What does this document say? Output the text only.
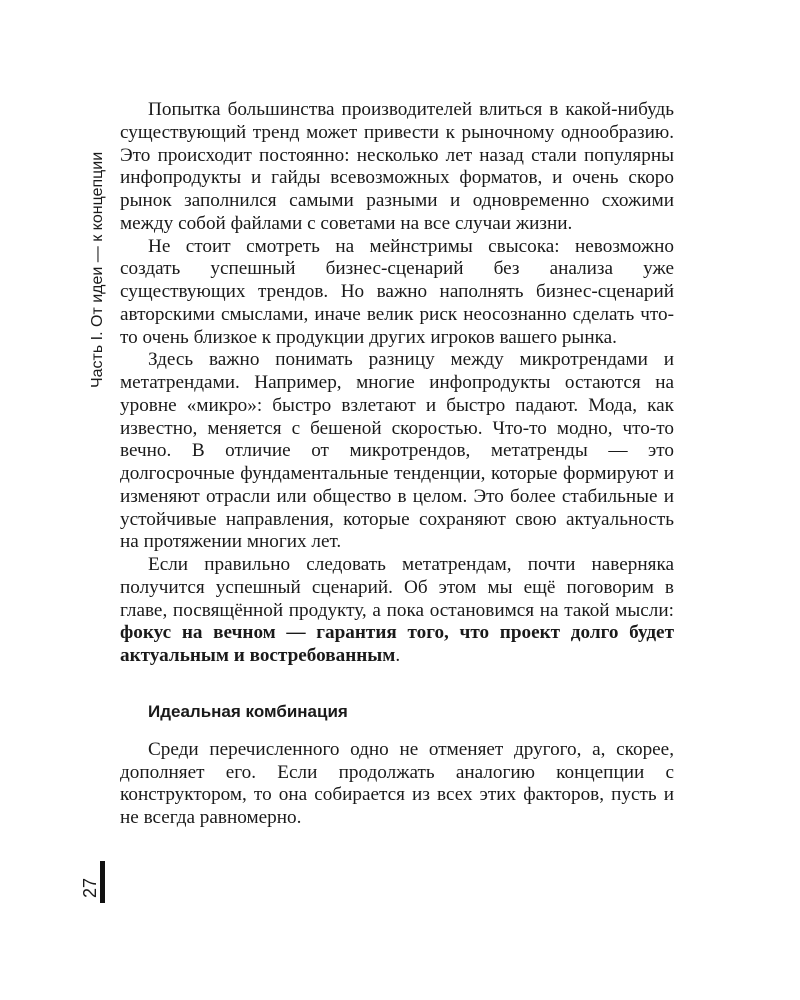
Часть I. От идеи — к концепции
27

Попытка большинства производителей влиться в какой-нибудь существующий тренд может привести к рыночному однообразию. Это происходит постоянно: несколько лет назад стали популярны инфопродукты и гайды всевозможных форматов, и очень скоро рынок заполнился самыми разными и одновременно схожими между собой файлами с советами на все случаи жизни.

Не стоит смотреть на мейнстримы свысока: невозможно создать успешный бизнес-сценарий без анализа уже существующих трендов. Но важно наполнять бизнес-сценарий авторскими смыслами, иначе велик риск неосознанно сделать что-то очень близкое к продукции других игроков вашего рынка.

Здесь важно понимать разницу между микротрендами и метатрендами. Например, многие инфопродукты остаются на уровне «микро»: быстро взлетают и быстро падают. Мода, как известно, меняется с бешеной скоростью. Что-то модно, что-то вечно. В отличие от микротрендов, метатренды — это долгосрочные фундаментальные тенденции, которые формируют и изменяют отрасли или общество в целом. Это более стабильные и устойчивые направления, которые сохраняют свою актуальность на протяжении многих лет.

Если правильно следовать метатрендам, почти наверняка получится успешный сценарий. Об этом мы ещё поговорим в главе, посвящённой продукту, а пока остановимся на такой мысли: фокус на вечном — гарантия того, что проект долго будет актуальным и востребованным.

Идеальная комбинация

Среди перечисленного одно не отменяет другого, а, скорее, дополняет его. Если продолжать аналогию концепции с конструктором, то она собирается из всех этих факторов, пусть и не всегда равномерно.
